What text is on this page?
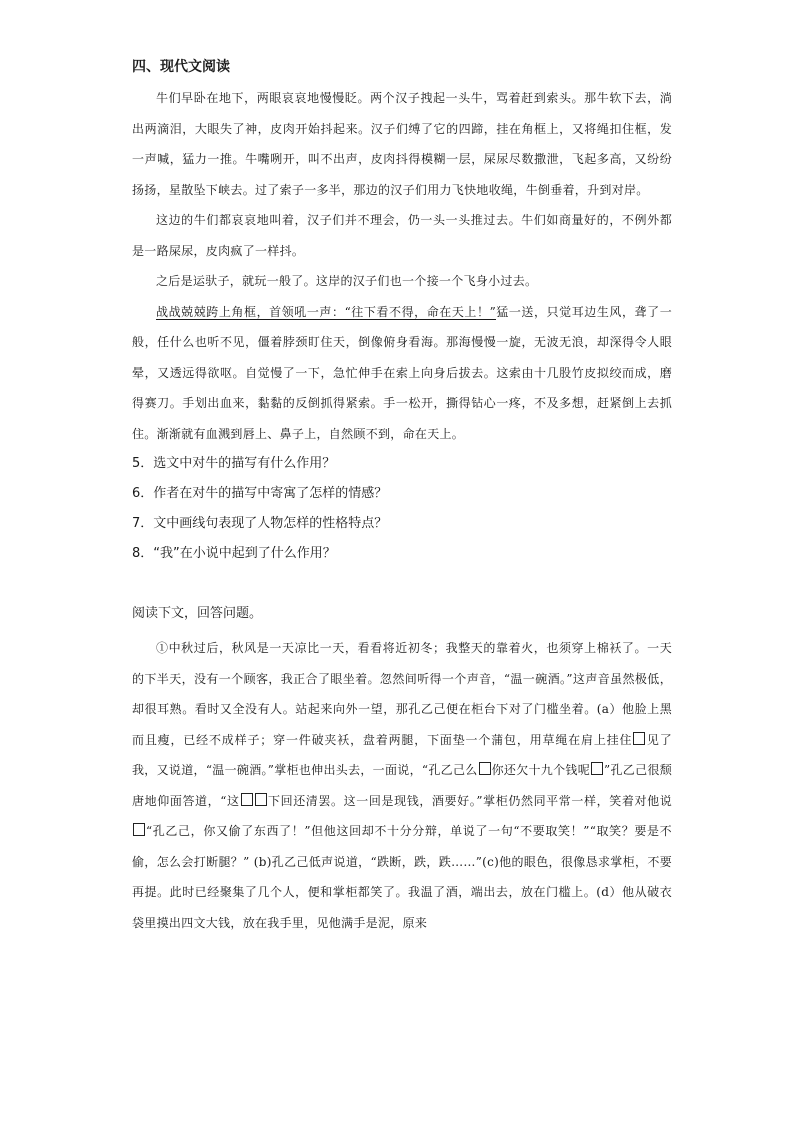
四、现代文阅读

牛们早卧在地下，两眼哀哀地慢慢眨。两个汉子拽起一头牛，骂着赶到索头。那牛软下去，淌出两滴泪，大眼失了神，皮肉开始抖起来。汉子们缚了它的四蹄，挂在角框上，又将绳扣住框，发一声喊，猛力一推。牛嘴咧开，叫不出声，皮肉抖得模糊一层，屎尿尽数撒泄，飞起多高，又纷纷扬扬，星散坠下峡去。过了索子一多半，那边的汉子们用力飞快地收绳，牛倒垂着，升到对岸。

这边的牛们都哀哀地叫着，汉子们并不理会，仍一头一头推过去。牛们如商量好的，不例外都是一路屎尿，皮肉疯了一样抖。

之后是运驮子，就玩一般了。这岸的汉子们也一个接一个飞身小过去。

战战兢兢跨上角框，首领吼一声：“往下看不得，命在天上！”猛一送，只觉耳边生风，聋了一般，任什么也听不见，僵着脖颈盯住天，倒像俯身看海。那海慢慢一旋，无波无浪，却深得令人眼晕，又透远得欲呕。自觉慢了一下，急忙伸手在索上向身后拔去。这索由十几股竹皮拟绞而成，磨得赛刀。手划出血来，黏黏的反倒抓得紧索。手一松开，撕得钻心一疼，不及多想，赶紧倒上去抓住。渐渐就有血溅到唇上、鼻子上，自然顾不到，命在天上。

5．选文中对牛的描写有什么作用？

6．作者在对牛的描写中寄寓了怎样的情感？

7．文中画线句表现了人物怎样的性格特点？

8．“我”在小说中起到了什么作用？

阅读下文，回答问题。

①中秋过后，秋风是一天凉比一天，看看将近初冬；我整天的靠着火，也须穿上棉袄了。一天的下半天，没有一个顾客，我正合了眼坐着。忽然间听得一个声音，“温一碗酒。”这声音虽然极低，却很耳熟。看时又全没有人。站起来向外一望，那孔乙己便在柜台下对了门槛坐着。(a）他脸上黑而且瘦，已经不成样子；穿一件破夹袄，盘着两腿，下面垫一个蒲包，用草绳在肩上挂住 见了我，又说道，“温一碗酒。”掌柜也伸出头去，一面说，“孔乙己么 你还欠十九个钱呢 ”孔乙己很颓唐地仰面答道，“这 下回还清罢。这一回是现钱，酒要好。”掌柜仍然同平常一样，笑着对他说“孔乙己，你又偷了东西了！”但他这回却不十分分辩，单说了一句“不要取笑！”“取笑？要是不偷，怎么会打断腿？” (b)孔乙己低声说道，“跌断，跌，跌……”(c)他的眼色，很像恳求掌柜，不要再提。此时已经聚集了几个人，便和掌柜都笑了。我温了酒，端出去，放在门槛上。(d）他从破衣袋里摸出四文大钱，放在我手里，见他满手是泥，原来
